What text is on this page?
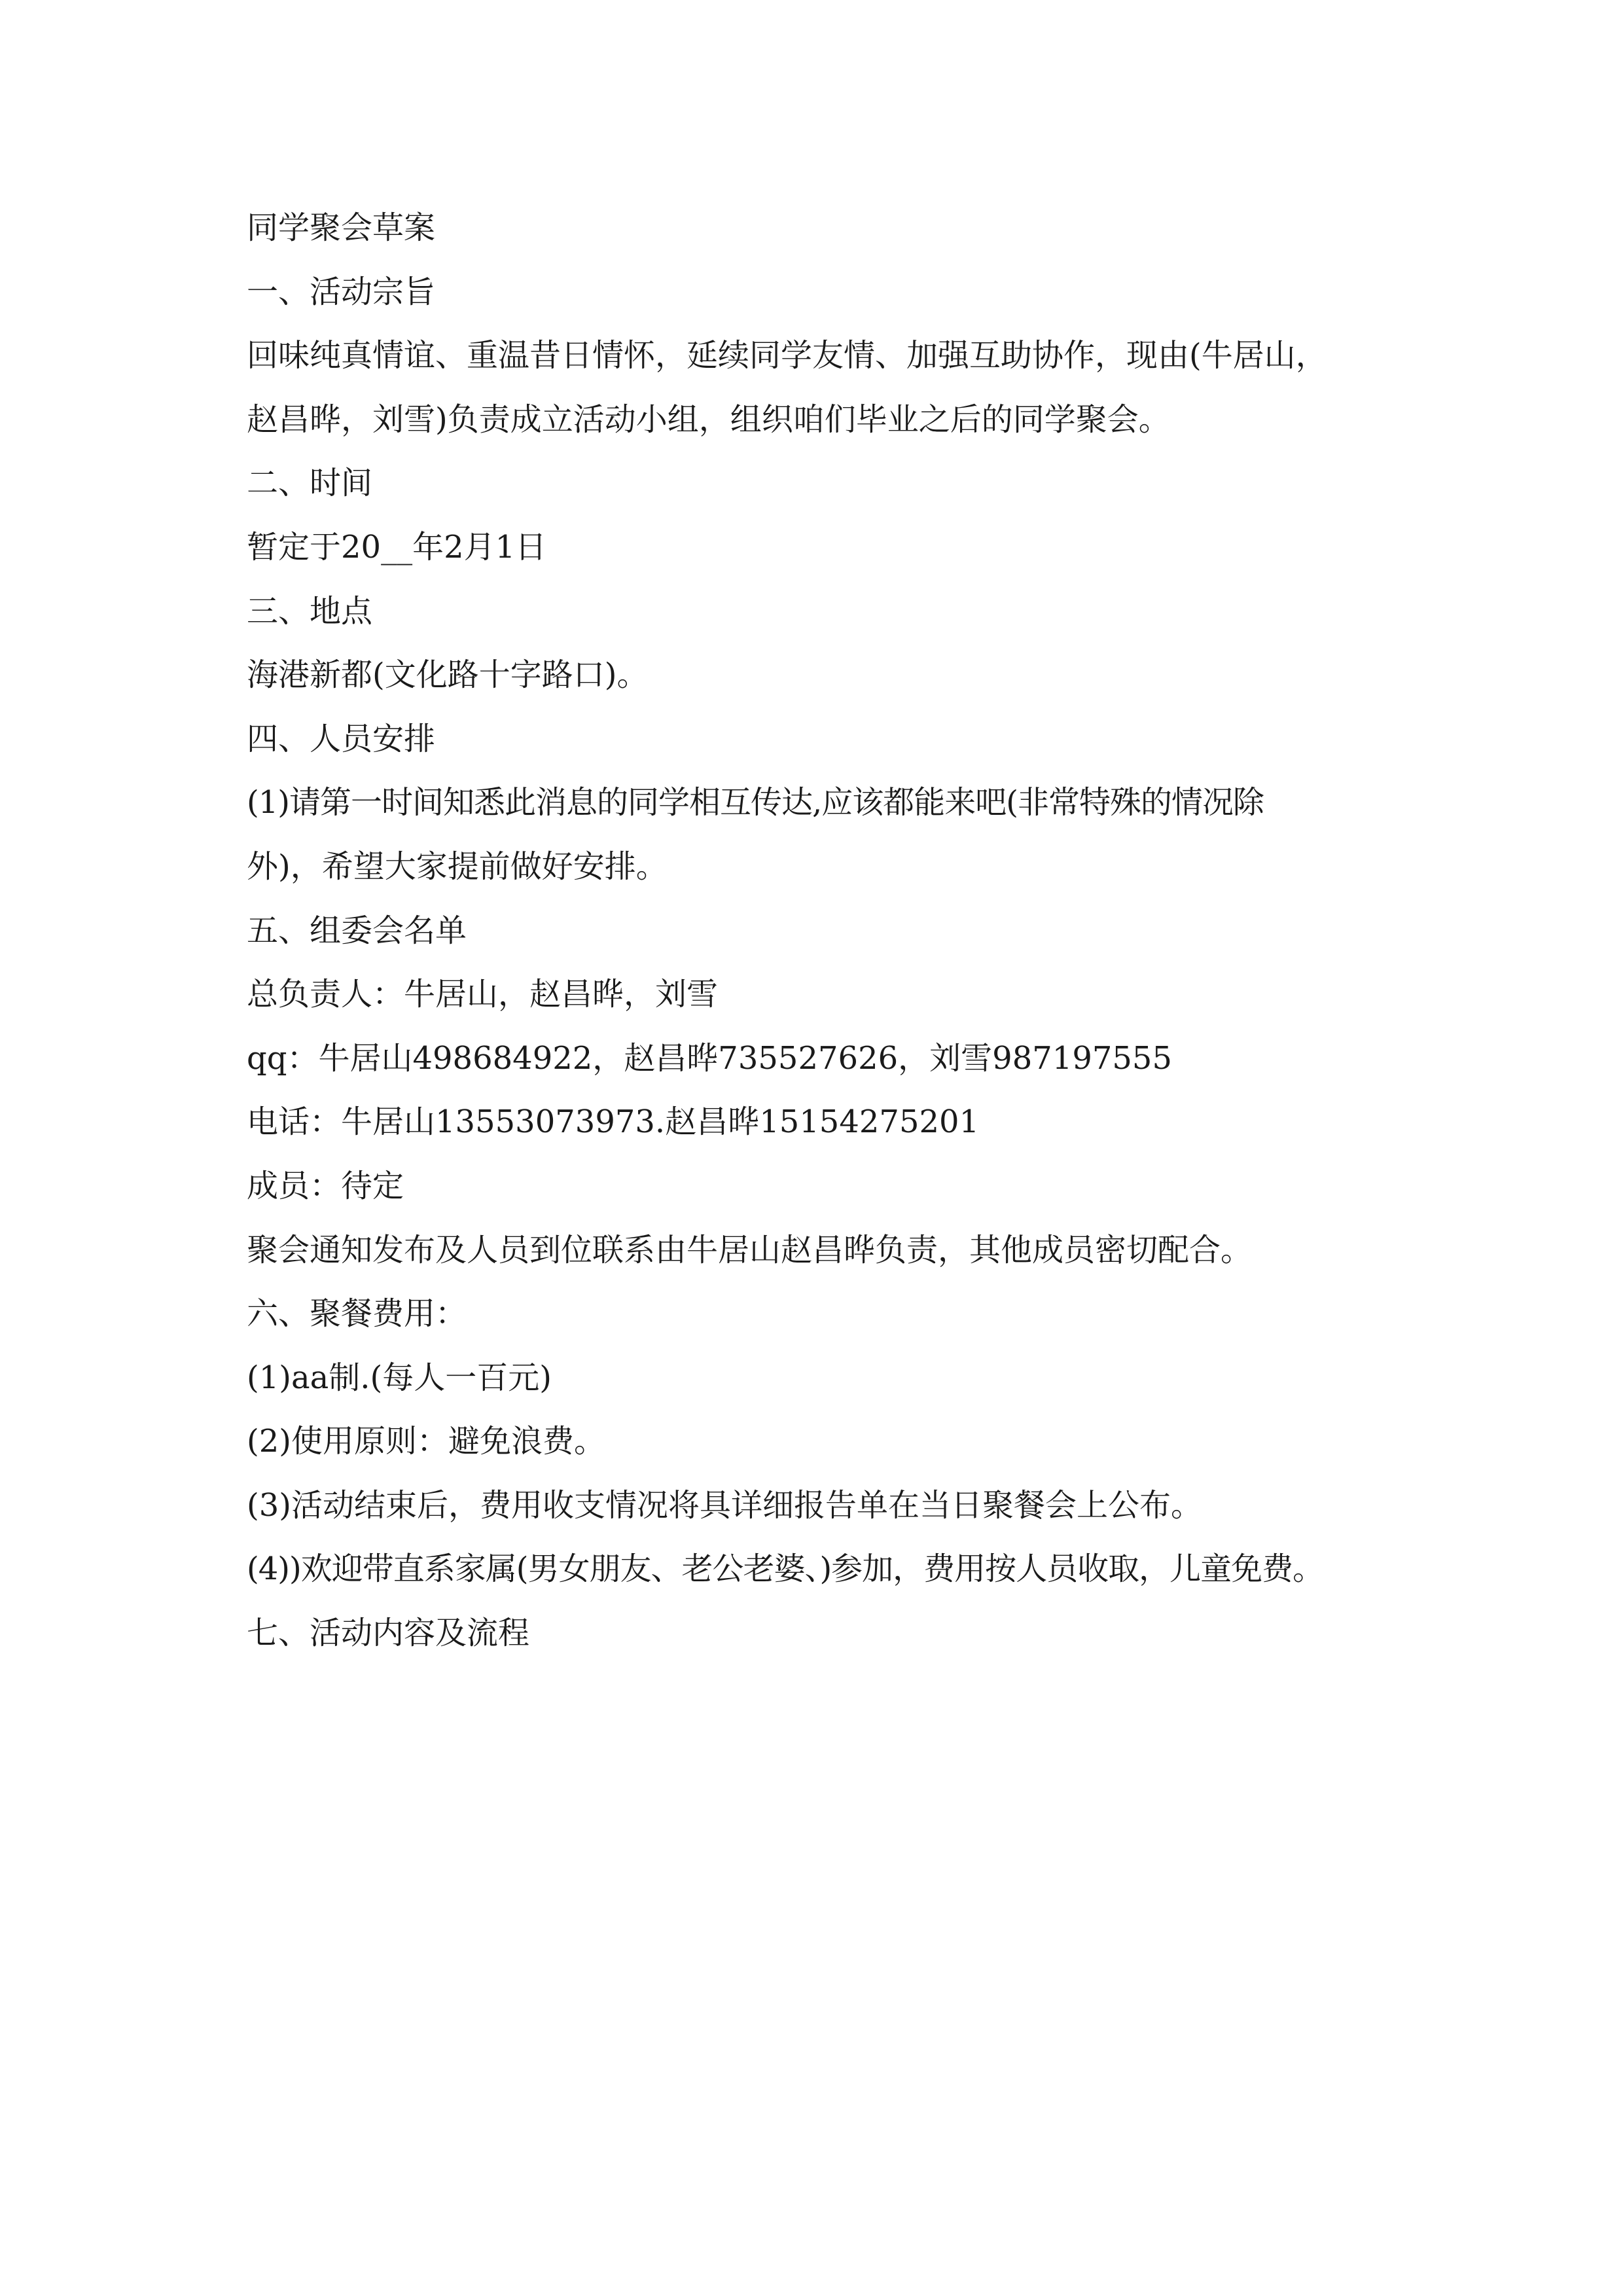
同学聚会草案
一、活动宗旨
回味纯真情谊、重温昔日情怀，延续同学友情、加强互助协作，现由(牛居山，
赵昌晔，刘雪)负责成立活动小组，组织咱们毕业之后的同学聚会。
二、时间
暂定于20__年2月1日
三、地点
海港新都(文化路十字路口)。
四、人员安排
(1)请第一时间知悉此消息的同学相互传达,应该都能来吧(非常特殊的情况除
外)，希望大家提前做好安排。
五、组委会名单
总负责人：牛居山，赵昌晔，刘雪
qq：牛居山498684922，赵昌晔735527626，刘雪987197555
电话：牛居山13553073973.赵昌晔15154275201
成员：待定
聚会通知发布及人员到位联系由牛居山赵昌晔负责，其他成员密切配合。
六、聚餐费用：
(1)aa制.(每人一百元)
(2)使用原则：避免浪费。
(3)活动结束后，费用收支情况将具详细报告单在当日聚餐会上公布。
(4))欢迎带直系家属(男女朋友、老公老婆、)参加，费用按人员收取，儿童免费。
七、活动内容及流程
